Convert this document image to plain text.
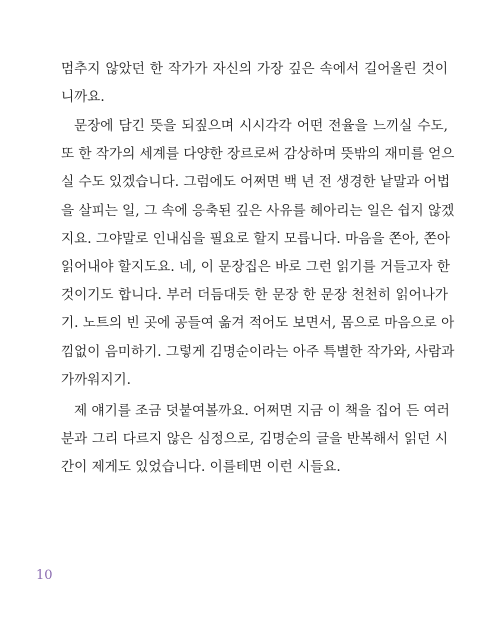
멈추지 않았던 한 작가가 자신의 가장 깊은 속에서 길어올린 것이
니까요.
문장에 담긴 뜻을 되짚으며 시시각각 어떤 전율을 느끼실 수도,
또 한 작가의 세계를 다양한 장르로써 감상하며 뜻밖의 재미를 얻으
실 수도 있겠습니다. 그럼에도 어쩌면 백 년 전 생경한 낱말과 어법
을 살피는 일, 그 속에 응축된 깊은 사유를 헤아리는 일은 쉽지 않겠
지요. 그야말로 인내심을 필요로 할지 모릅니다. 마음을 쫀아, 쫀아
읽어내야 할지도요. 네, 이 문장집은 바로 그런 읽기를 거들고자 한
것이기도 합니다. 부러 더듬대듯 한 문장 한 문장 천천히 읽어나가
기. 노트의 빈 곳에 공들여 옮겨 적어도 보면서, 몸으로 마음으로 아
낌없이 음미하기. 그렇게 김명순이라는 아주 특별한 작가와, 사람과
가까워지기.
제 얘기를 조금 덧붙여볼까요. 어쩌면 지금 이 책을 집어 든 여러
분과 그리 다르지 않은 심정으로, 김명순의 글을 반복해서 읽던 시
간이 제게도 있었습니다. 이를테면 이런 시들요.
10
